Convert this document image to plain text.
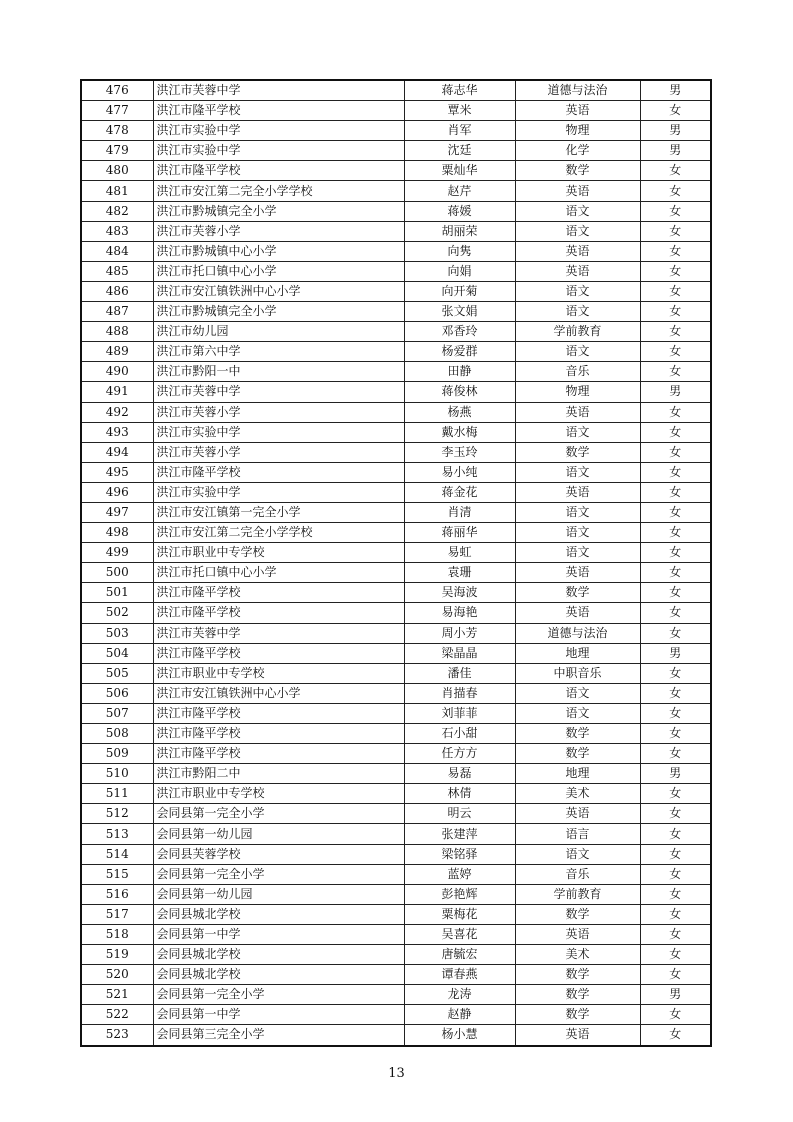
476	洪江市芙蓉中学	蒋志华	道德与法治	男
477	洪江市隆平学校	覃米	英语	女
478	洪江市实验中学	肖军	物理	男
479	洪江市实验中学	沈廷	化学	男
480	洪江市隆平学校	粟灿华	数学	女
481	洪江市安江第二完全小学学校	赵芹	英语	女
482	洪江市黔城镇完全小学	蒋媛	语文	女
483	洪江市芙蓉小学	胡丽荣	语文	女
484	洪江市黔城镇中心小学	向隽	英语	女
485	洪江市托口镇中心小学	向娟	英语	女
486	洪江市安江镇铁洲中心小学	向开菊	语文	女
487	洪江市黔城镇完全小学	张文娟	语文	女
488	洪江市幼儿园	邓香玲	学前教育	女
489	洪江市第六中学	杨爱群	语文	女
490	洪江市黔阳一中	田静	音乐	女
491	洪江市芙蓉中学	蒋俊林	物理	男
492	洪江市芙蓉小学	杨燕	英语	女
493	洪江市实验中学	戴水梅	语文	女
494	洪江市芙蓉小学	李玉玲	数学	女
495	洪江市隆平学校	易小纯	语文	女
496	洪江市实验中学	蒋金花	英语	女
497	洪江市安江镇第一完全小学	肖清	语文	女
498	洪江市安江第二完全小学学校	蒋丽华	语文	女
499	洪江市职业中专学校	易虹	语文	女
500	洪江市托口镇中心小学	袁珊	英语	女
501	洪江市隆平学校	吴海波	数学	女
502	洪江市隆平学校	易海艳	英语	女
503	洪江市芙蓉中学	周小芳	道德与法治	女
504	洪江市隆平学校	梁晶晶	地理	男
505	洪江市职业中专学校	潘佳	中职音乐	女
506	洪江市安江镇铁洲中心小学	肖描春	语文	女
507	洪江市隆平学校	刘菲菲	语文	女
508	洪江市隆平学校	石小甜	数学	女
509	洪江市隆平学校	任方方	数学	女
510	洪江市黔阳二中	易磊	地理	男
511	洪江市职业中专学校	林倩	美术	女
512	会同县第一完全小学	明云	英语	女
513	会同县第一幼儿园	张建萍	语言	女
514	会同县芙蓉学校	梁铭驿	语文	女
515	会同县第一完全小学	蓝婷	音乐	女
516	会同县第一幼儿园	彭艳辉	学前教育	女
517	会同县城北学校	粟梅花	数学	女
518	会同县第一中学	吴喜花	英语	女
519	会同县城北学校	唐毓宏	美术	女
520	会同县城北学校	谭春燕	数学	女
521	会同县第一完全小学	龙涛	数学	男
522	会同县第一中学	赵静	数学	女
523	会同县第三完全小学	杨小慧	英语	女
13
